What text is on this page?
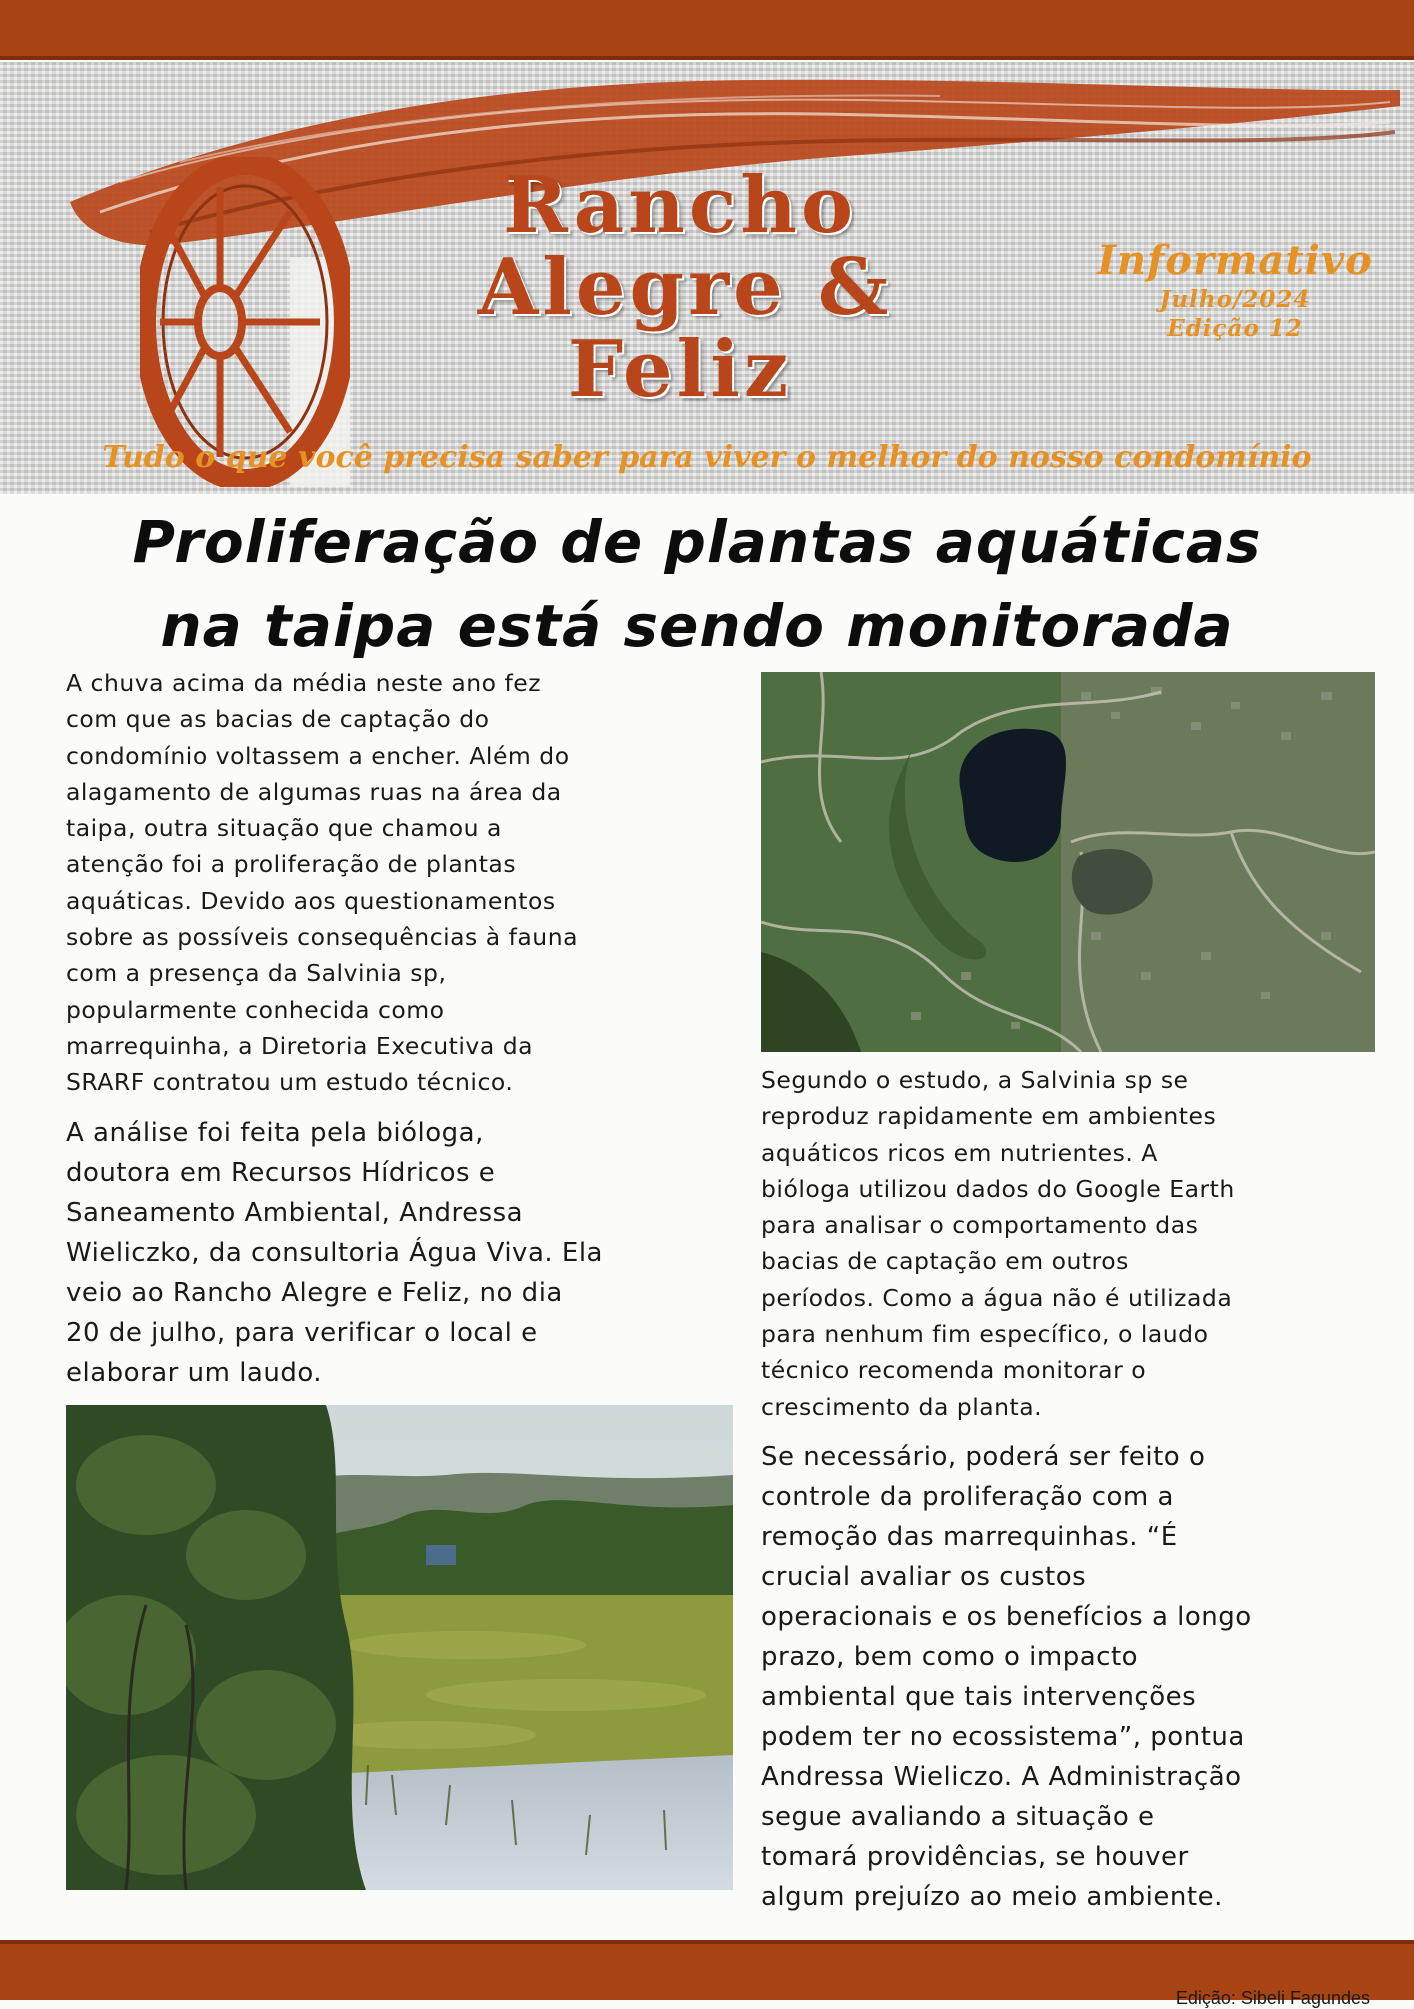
Rancho
Alegre &
Feliz
Informativo
Julho/2024
Edição 12
Tudo o que você precisa saber para viver o melhor do nosso condomínio
Proliferação de plantas aquáticas
na taipa está sendo monitorada
A chuva acima da média neste ano fez
com que as bacias de captação do
condomínio voltassem a encher. Além do
alagamento de algumas ruas na área da
taipa, outra situação que chamou a
atenção foi a proliferação de plantas
aquáticas. Devido aos questionamentos
sobre as possíveis consequências à fauna
com a presença da Salvinia sp,
popularmente conhecida como
marrequinha, a Diretoria Executiva da
SRARF contratou um estudo técnico.
A análise foi feita pela bióloga,
doutora em Recursos Hídricos e
Saneamento Ambiental, Andressa
Wieliczko, da consultoria Água Viva. Ela
veio ao Rancho Alegre e Feliz, no dia
20 de julho, para verificar o local e
elaborar um laudo.
Segundo o estudo, a Salvinia sp se
reproduz rapidamente em ambientes
aquáticos ricos em nutrientes. A
bióloga utilizou dados do Google Earth
para analisar o comportamento das
bacias de captação em outros
períodos. Como a água não é utilizada
para nenhum fim específico, o laudo
técnico recomenda monitorar o
crescimento da planta.
Se necessário, poderá ser feito o
controle da proliferação com a
remoção das marrequinhas. “É
crucial avaliar os custos
operacionais e os benefícios a longo
prazo, bem como o impacto
ambiental que tais intervenções
podem ter no ecossistema”, pontua
Andressa Wieliczo. A Administração
segue avaliando a situação e
tomará providências, se houver
algum prejuízo ao meio ambiente.
Edição: Sibeli Fagundes
